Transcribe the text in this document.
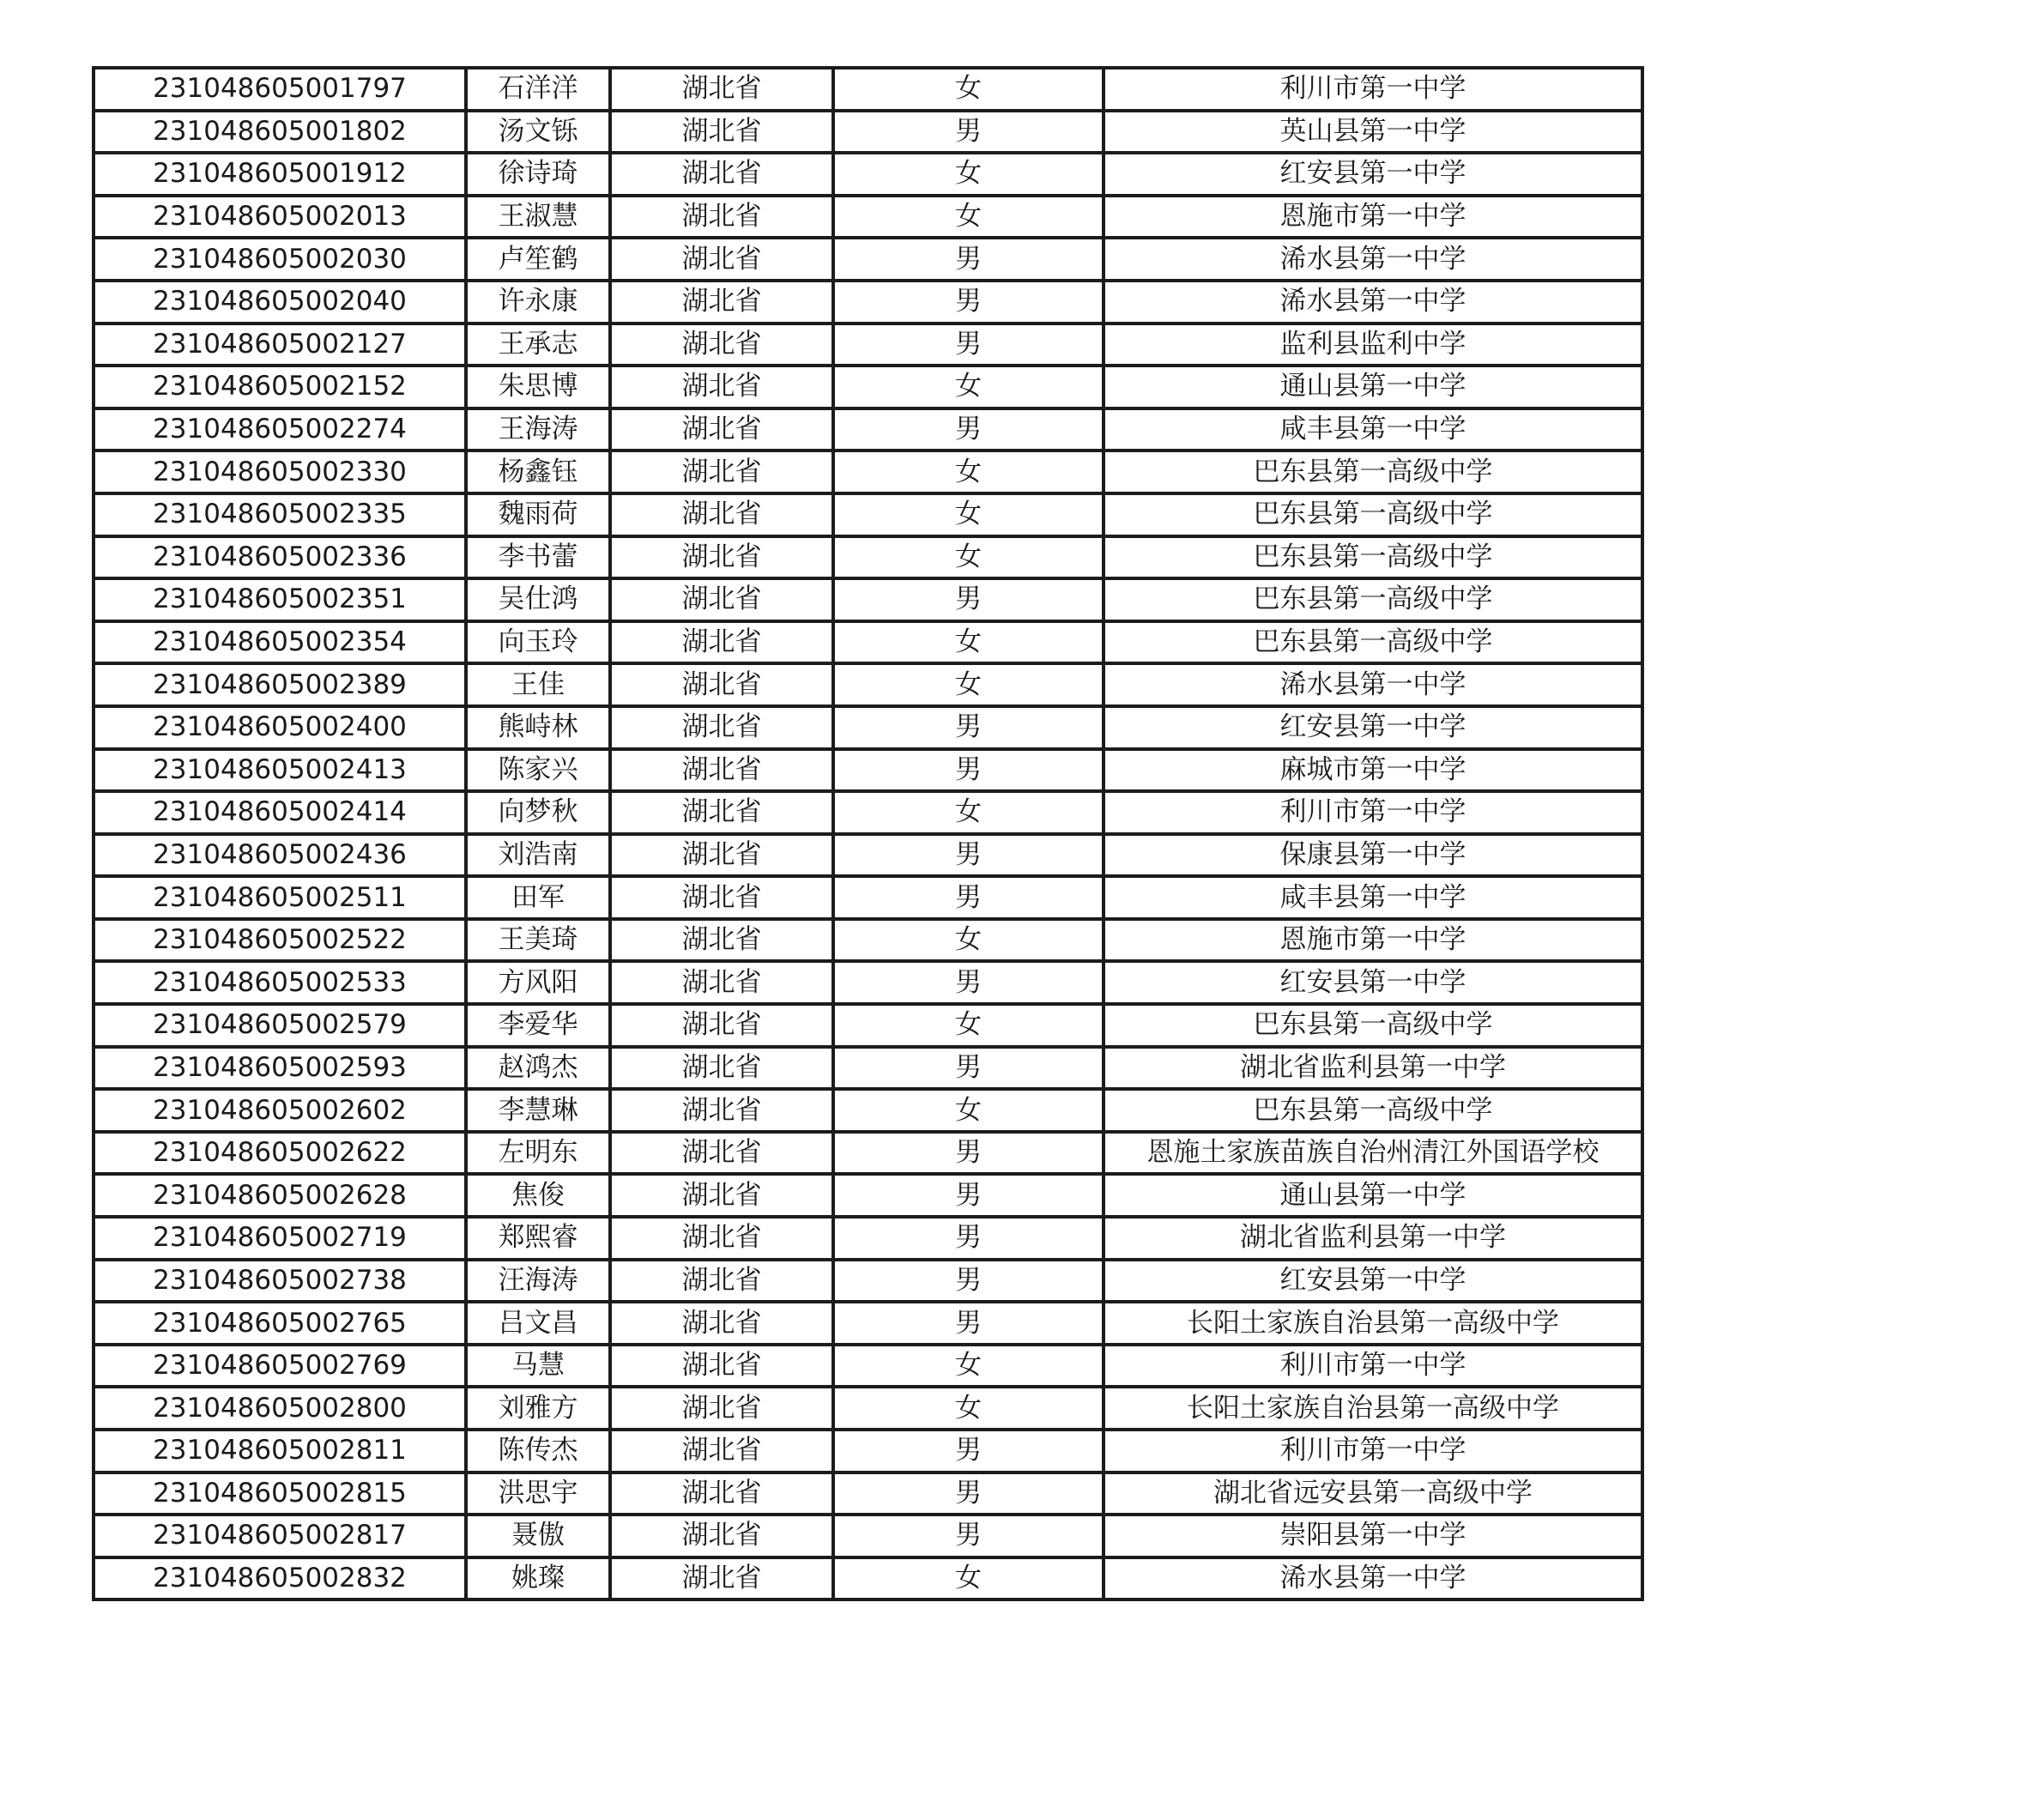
231048605001797	石洋洋	湖北省	女	利川市第一中学
231048605001802	汤文铄	湖北省	男	英山县第一中学
231048605001912	徐诗琦	湖北省	女	红安县第一中学
231048605002013	王淑慧	湖北省	女	恩施市第一中学
231048605002030	卢笙鹤	湖北省	男	浠水县第一中学
231048605002040	许永康	湖北省	男	浠水县第一中学
231048605002127	王承志	湖北省	男	监利县监利中学
231048605002152	朱思博	湖北省	女	通山县第一中学
231048605002274	王海涛	湖北省	男	咸丰县第一中学
231048605002330	杨鑫钰	湖北省	女	巴东县第一高级中学
231048605002335	魏雨荷	湖北省	女	巴东县第一高级中学
231048605002336	李书蕾	湖北省	女	巴东县第一高级中学
231048605002351	吴仕鸿	湖北省	男	巴东县第一高级中学
231048605002354	向玉玲	湖北省	女	巴东县第一高级中学
231048605002389	王佳	湖北省	女	浠水县第一中学
231048605002400	熊峙林	湖北省	男	红安县第一中学
231048605002413	陈家兴	湖北省	男	麻城市第一中学
231048605002414	向梦秋	湖北省	女	利川市第一中学
231048605002436	刘浩南	湖北省	男	保康县第一中学
231048605002511	田军	湖北省	男	咸丰县第一中学
231048605002522	王美琦	湖北省	女	恩施市第一中学
231048605002533	方风阳	湖北省	男	红安县第一中学
231048605002579	李爱华	湖北省	女	巴东县第一高级中学
231048605002593	赵鸿杰	湖北省	男	湖北省监利县第一中学
231048605002602	李慧琳	湖北省	女	巴东县第一高级中学
231048605002622	左明东	湖北省	男	恩施土家族苗族自治州清江外国语学校
231048605002628	焦俊	湖北省	男	通山县第一中学
231048605002719	郑熙睿	湖北省	男	湖北省监利县第一中学
231048605002738	汪海涛	湖北省	男	红安县第一中学
231048605002765	吕文昌	湖北省	男	长阳土家族自治县第一高级中学
231048605002769	马慧	湖北省	女	利川市第一中学
231048605002800	刘雅方	湖北省	女	长阳土家族自治县第一高级中学
231048605002811	陈传杰	湖北省	男	利川市第一中学
231048605002815	洪思宇	湖北省	男	湖北省远安县第一高级中学
231048605002817	聂傲	湖北省	男	崇阳县第一中学
231048605002832	姚璨	湖北省	女	浠水县第一中学
